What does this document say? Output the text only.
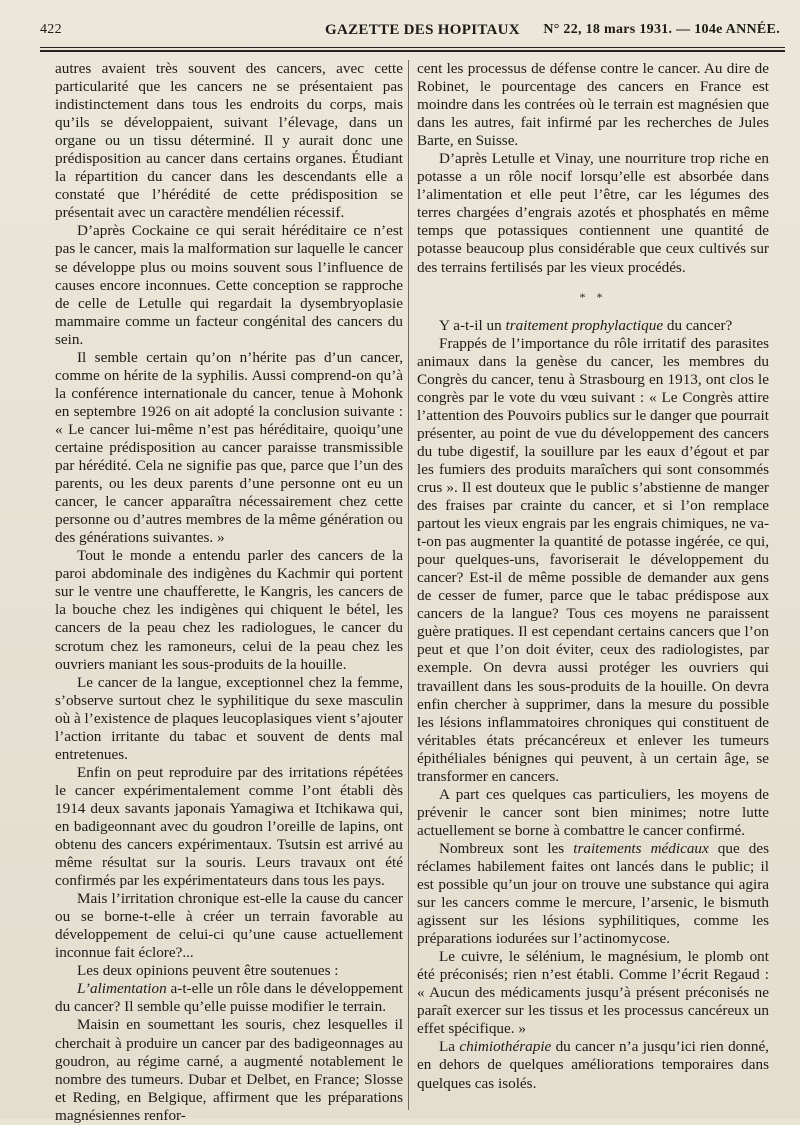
422	GAZETTE DES HOPITAUX N° 22, 18 mars 1931. — 104e ANNÉE.

autres avaient très souvent des cancers, avec cette particularité que les cancers ne se présentaient pas indistinctement dans tous les endroits du corps, mais qu’ils se développaient, suivant l’élevage, dans un organe ou un tissu déterminé. Il y aurait donc une prédisposition au cancer dans certains organes. Étudiant la répartition du cancer dans les descendants elle a constaté que l’hérédité de cette prédisposition se présentait avec un caractère mendélien récessif.

D’après Cockaine ce qui serait héréditaire ce n’est pas le cancer, mais la malformation sur laquelle le cancer se développe plus ou moins souvent sous l’influence de causes encore inconnues. Cette conception se rapproche de celle de Letulle qui regardait la dysembryoplasie mammaire comme un facteur congénital des cancers du sein.

Il semble certain qu’on n’hérite pas d’un cancer, comme on hérite de la syphilis. Aussi comprend-on qu’à la conférence internationale du cancer, tenue à Mohonk en septembre 1926 on ait adopté la conclusion suivante : « Le cancer lui-même n’est pas héréditaire, quoiqu’une certaine prédisposition au cancer paraisse transmissible par hérédité. Cela ne signifie pas que, parce que l’un des parents, ou les deux parents d’une personne ont eu un cancer, le cancer apparaîtra nécessairement chez cette personne ou d’autres membres de la même génération ou des générations suivantes. »

Tout le monde a entendu parler des cancers de la paroi abdominale des indigènes du Kachmir qui portent sur le ventre une chaufferette, le Kangris, les cancers de la bouche chez les indigènes qui chiquent le bétel, les cancers de la peau chez les radiologues, le cancer du scrotum chez les ramoneurs, celui de la peau chez les ouvriers maniant les sous-produits de la houille.

Le cancer de la langue, exceptionnel chez la femme, s’observe surtout chez le syphilitique du sexe masculin où à l’existence de plaques leucoplasiques vient s’ajouter l’action irritante du tabac et souvent de dents mal entretenues.

Enfin on peut reproduire par des irritations répétées le cancer expérimentalement comme l’ont établi dès 1914 deux savants japonais Yamagiwa et Itchikawa qui, en badigeonnant avec du goudron l’oreille de lapins, ont obtenu des cancers expérimentaux. Tsutsin est arrivé au même résultat sur la souris. Leurs travaux ont été confirmés par les expérimentateurs dans tous les pays.

Mais l’irritation chronique est-elle la cause du cancer ou se borne-t-elle à créer un terrain favorable au développement de celui-ci qu’une cause actuellement inconnue fait éclore?...

Les deux opinions peuvent être soutenues :

L’alimentation a-t-elle un rôle dans le développement du cancer? Il semble qu’elle puisse modifier le terrain.

Maisin en soumettant les souris, chez lesquelles il cherchait à produire un cancer par des badigeonnages au goudron, au régime carné, a augmenté notablement le nombre des tumeurs. Dubar et Delbet, en France; Slosse et Reding, en Belgique, affirment que les préparations magnésiennes renfor-

cent les processus de défense contre le cancer. Au dire de Robinet, le pourcentage des cancers en France est moindre dans les contrées où le terrain est magnésien que dans les autres, fait infirmé par les recherches de Jules Barte, en Suisse.

D’après Letulle et Vinay, une nourriture trop riche en potasse a un rôle nocif lorsqu’elle est absorbée dans l’alimentation et elle peut l’être, car les légumes des terres chargées d’engrais azotés et phosphatés en même temps que potassiques contiennent une quantité de potasse beaucoup plus considérable que ceux cultivés sur des terrains fertilisés par les vieux procédés.

* *

Y a-t-il un traitement prophylactique du cancer?

Frappés de l’importance du rôle irritatif des parasites animaux dans la genèse du cancer, les membres du Congrès du cancer, tenu à Strasbourg en 1913, ont clos le congrès par le vote du vœu suivant : « Le Congrès attire l’attention des Pouvoirs publics sur le danger que pourrait présenter, au point de vue du développement des cancers du tube digestif, la souillure par les eaux d’égout et par les fumiers des produits maraîchers qui sont consommés crus ». Il est douteux que le public s’abstienne de manger des fraises par crainte du cancer, et si l’on remplace partout les vieux engrais par les engrais chimiques, ne va-t-on pas augmenter la quantité de potasse ingérée, ce qui, pour quelques-uns, favoriserait le développement du cancer? Est-il de même possible de demander aux gens de cesser de fumer, parce que le tabac prédispose aux cancers de la langue? Tous ces moyens ne paraissent guère pratiques. Il est cependant certains cancers que l’on peut et que l’on doit éviter, ceux des radiologistes, par exemple. On devra aussi protéger les ouvriers qui travaillent dans les sous-produits de la houille. On devra enfin chercher à supprimer, dans la mesure du possible les lésions inflammatoires chroniques qui constituent de véritables états précancéreux et enlever les tumeurs épithéliales bénignes qui peuvent, à un certain âge, se transformer en cancers.

A part ces quelques cas particuliers, les moyens de prévenir le cancer sont bien minimes; notre lutte actuellement se borne à combattre le cancer confirmé.

Nombreux sont les traitements médicaux que des réclames habilement faites ont lancés dans le public; il est possible qu’un jour on trouve une substance qui agira sur les cancers comme le mercure, l’arsenic, le bismuth agissent sur les lésions syphilitiques, comme les préparations iodurées sur l’actinomycose.

Le cuivre, le sélénium, le magnésium, le plomb ont été préconisés; rien n’est établi. Comme l’écrit Regaud : « Aucun des médicaments jusqu’à présent préconisés ne paraît exercer sur les tissus et les processus cancéreux un effet spécifique. »

La chimiothérapie du cancer n’a jusqu’ici rien donné, en dehors de quelques améliorations temporaires dans quelques cas isolés.
